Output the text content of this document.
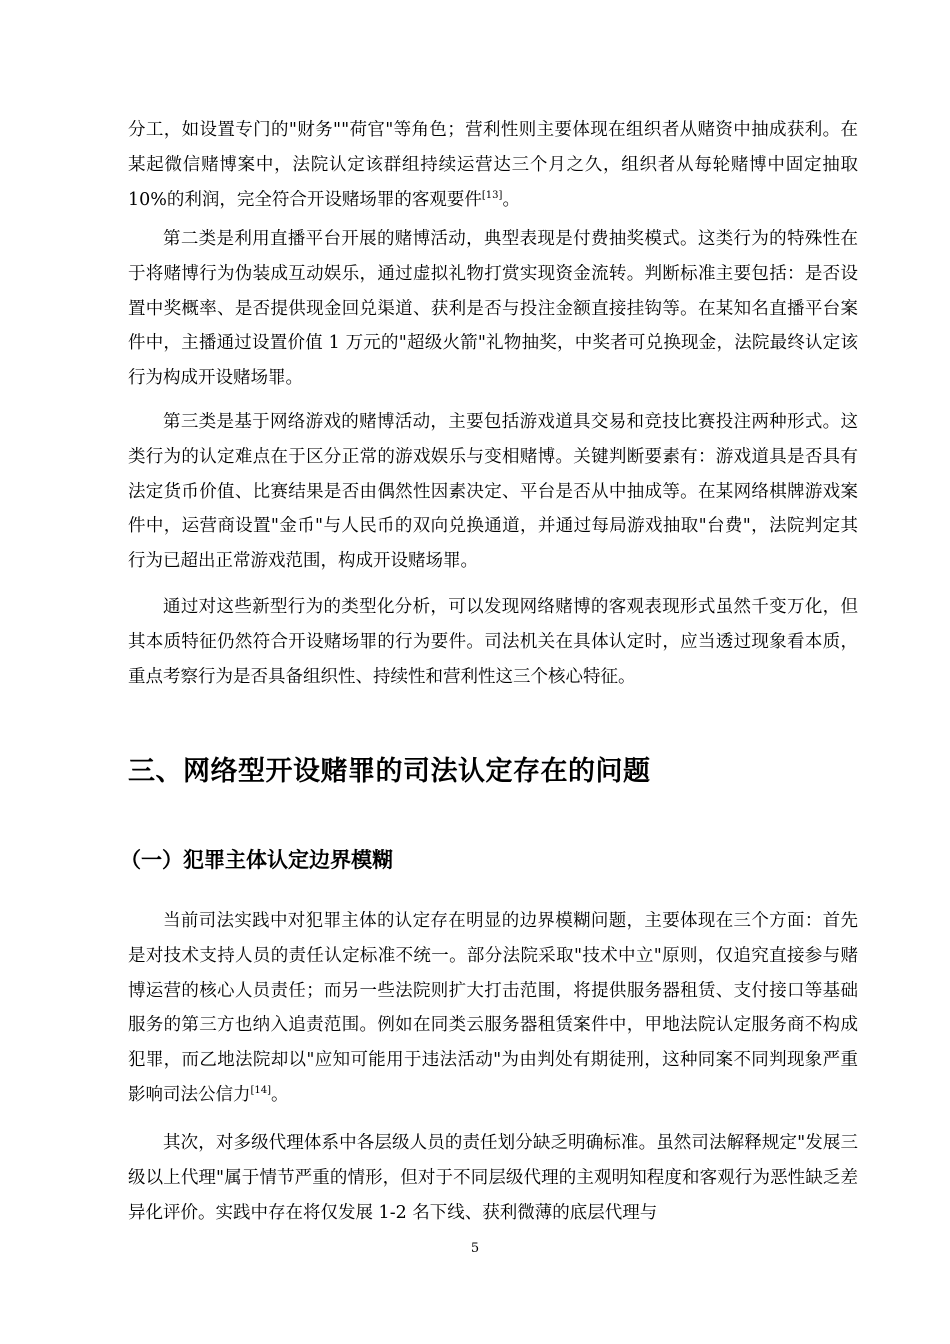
分工，如设置专门的"财务""荷官"等角色；营利性则主要体现在组织者从赌资中抽成获利。在某起微信赌博案中，法院认定该群组持续运营达三个月之久，组织者从每轮赌博中固定抽取10%的利润，完全符合开设赌场罪的客观要件[13]。

第二类是利用直播平台开展的赌博活动，典型表现是付费抽奖模式。这类行为的特殊性在于将赌博行为伪装成互动娱乐，通过虚拟礼物打赏实现资金流转。判断标准主要包括：是否设置中奖概率、是否提供现金回兑渠道、获利是否与投注金额直接挂钩等。在某知名直播平台案件中，主播通过设置价值 1 万元的"超级火箭"礼物抽奖，中奖者可兑换现金，法院最终认定该行为构成开设赌场罪。

第三类是基于网络游戏的赌博活动，主要包括游戏道具交易和竞技比赛投注两种形式。这类行为的认定难点在于区分正常的游戏娱乐与变相赌博。关键判断要素有：游戏道具是否具有法定货币价值、比赛结果是否由偶然性因素决定、平台是否从中抽成等。在某网络棋牌游戏案件中，运营商设置"金币"与人民币的双向兑换通道，并通过每局游戏抽取"台费"，法院判定其行为已超出正常游戏范围，构成开设赌场罪。

通过对这些新型行为的类型化分析，可以发现网络赌博的客观表现形式虽然千变万化，但其本质特征仍然符合开设赌场罪的行为要件。司法机关在具体认定时，应当透过现象看本质，重点考察行为是否具备组织性、持续性和营利性这三个核心特征。

三、网络型开设赌罪的司法认定存在的问题
（一）犯罪主体认定边界模糊

当前司法实践中对犯罪主体的认定存在明显的边界模糊问题，主要体现在三个方面：首先是对技术支持人员的责任认定标准不统一。部分法院采取"技术中立"原则，仅追究直接参与赌博运营的核心人员责任；而另一些法院则扩大打击范围，将提供服务器租赁、支付接口等基础服务的第三方也纳入追责范围。例如在同类云服务器租赁案件中，甲地法院认定服务商不构成犯罪，而乙地法院却以"应知可能用于违法活动"为由判处有期徒刑，这种同案不同判现象严重影响司法公信力[14]。

其次，对多级代理体系中各层级人员的责任划分缺乏明确标准。虽然司法解释规定"发展三级以上代理"属于情节严重的情形，但对于不同层级代理的主观明知程度和客观行为恶性缺乏差异化评价。实践中存在将仅发展 1-2 名下线、获利微薄的底层代理与

5
